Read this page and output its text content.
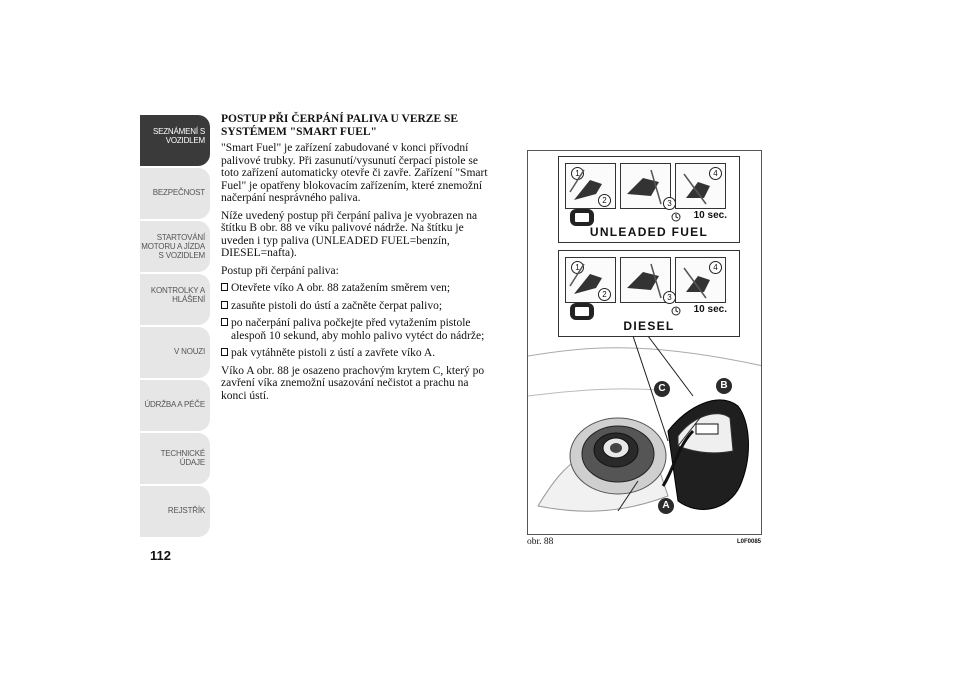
SEZNÁMENÍ S
VOZIDLEM
BEZPEČNOST
STARTOVÁNÍ
MOTORU A JÍZDA
S VOZIDLEM
KONTROLKY A
HLÁŠENÍ
V NOUZI
ÚDRŽBA A PÉČE
TECHNICKÉ
ÚDAJE
REJSTŘÍK
112

POSTUP PŘI ČERPÁNÍ PALIVA U VERZE SE
SYSTÉMEM "SMART FUEL"

"Smart Fuel" je zařízení zabudované v konci přívodní palivové trubky. Při zasunutí/vysunutí čerpací pistole se toto zařízení automaticky otevře či zavře. Zařízení "Smart Fuel" je opatřeny blokovacím zařízením, které znemožní načerpání nesprávného paliva.

Níže uvedený postup při čerpání paliva je vyobrazen na štítku B obr. 88 ve víku palivové nádrže. Na štítku je uveden i typ paliva (UNLEADED FUEL=benzín, DIESEL=nafta).

Postup při čerpání paliva:

Otevřete víko A obr. 88 zatažením směrem ven;
zasuňte pistoli do ústí a začněte čerpat palivo;
po načerpání paliva počkejte před vytažením pistole alespoň 10 sekund, aby mohlo palivo vytéct do nádrže;
pak vytáhněte pistoli z ústí a zavřete víko A.

Víko A obr. 88 je osazeno prachovým krytem C, který po zavření víka znemožní usazování nečistot a prachu na konci ústí.

1
2
4
3
10 sec.
UNLEADED FUEL
1
2
4
3
10 sec.
DIESEL
C	B
A
obr. 88	L0F0085
